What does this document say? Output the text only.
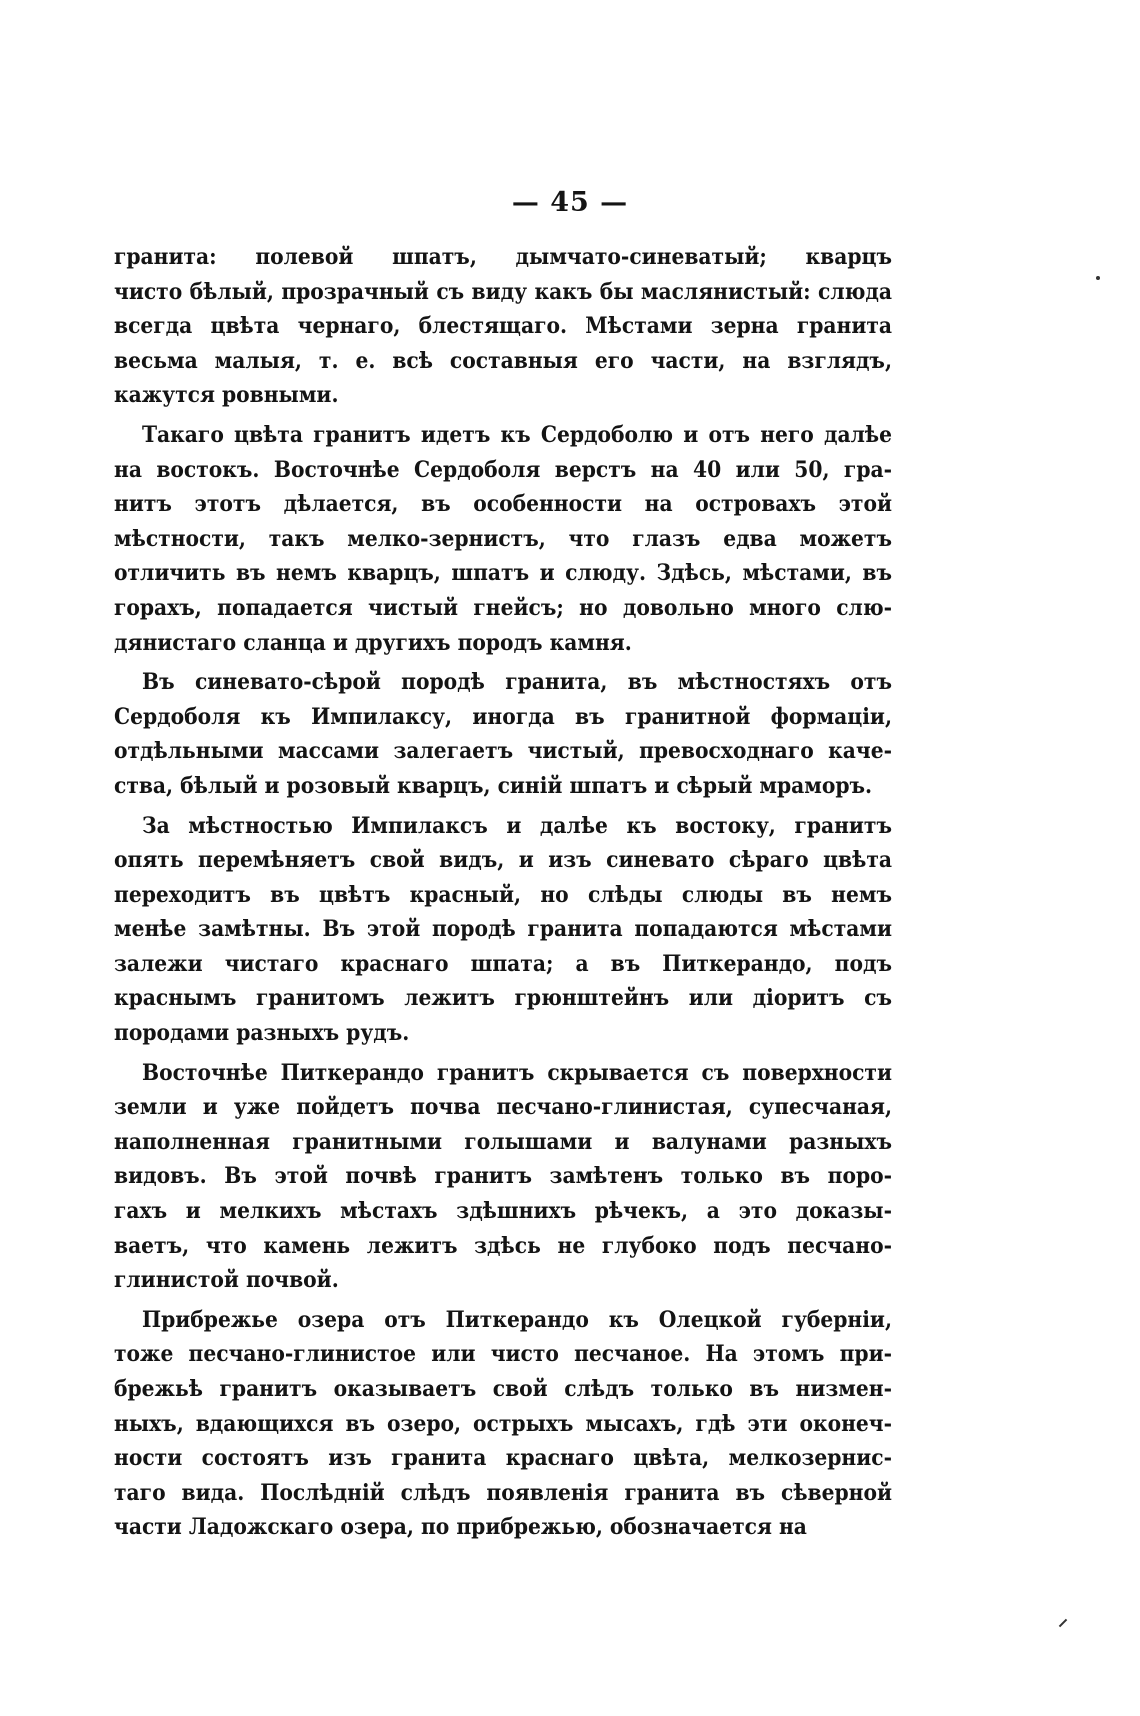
— 45 —
гранита: полевой шпатъ, дымчато-синеватый; кварцъ
чисто бѣлый, прозрачный съ виду какъ бы маслянистый: слюда
всегда цвѣта чернаго, блестящаго. Мѣстами зерна гранита
весьма малыя, т. е. всѣ составныя его части, на взглядъ,
кажутся ровными.
Такаго цвѣта гранитъ идетъ къ Сердоболю и отъ него далѣе
на востокъ. Восточнѣе Сердоболя верстъ на 40 или 50, гра-
нитъ этотъ дѣлается, въ особенности на островахъ этой
мѣстности, такъ мелко-зернистъ, что глазъ едва можетъ
отличить въ немъ кварцъ, шпатъ и слюду. Здѣсь, мѣстами, въ
горахъ, попадается чистый гнейсъ; но довольно много слю-
дянистаго сланца и другихъ породъ камня.
Въ синевато-сѣрой породѣ гранита, въ мѣстностяхъ отъ
Сердоболя къ Импилаксу, иногда въ гранитной формаціи,
отдѣльными массами залегаетъ чистый, превосходнаго каче-
ства, бѣлый и розовый кварцъ, синій шпатъ и сѣрый мраморъ.
За мѣстностью Импилаксъ и далѣе къ востоку, гранитъ
опять перемѣняетъ свой видъ, и изъ синевато сѣраго цвѣта
переходитъ въ цвѣтъ красный, но слѣды слюды въ немъ
менѣе замѣтны. Въ этой породѣ гранита попадаются мѣстами
залежи чистаго краснаго шпата; а въ Питкерандо, подъ
краснымъ гранитомъ лежитъ грюнштейнъ или діоритъ съ
породами разныхъ рудъ.
Восточнѣе Питкерандо гранитъ скрывается съ поверхности
земли и уже пойдетъ почва песчано-глинистая, супесчаная,
наполненная гранитными голышами и валунами разныхъ
видовъ. Въ этой почвѣ гранитъ замѣтенъ только въ поро-
гахъ и мелкихъ мѣстахъ здѣшнихъ рѣчекъ, а это доказы-
ваетъ, что камень лежитъ здѣсь не глубоко подъ песчано-
глинистой почвой.
Прибрежье озера отъ Питкерандо къ Олецкой губерніи,
тоже песчано-глинистое или чисто песчаное. На этомъ при-
брежьѣ гранитъ оказываетъ свой слѣдъ только въ низмен-
ныхъ, вдающихся въ озеро, острыхъ мысахъ, гдѣ эти оконеч-
ности состоятъ изъ гранита краснаго цвѣта, мелкозернис-
таго вида. Послѣдній слѣдъ появленія гранита въ сѣверной
части Ладожскаго озера, по прибрежью, обозначается на
